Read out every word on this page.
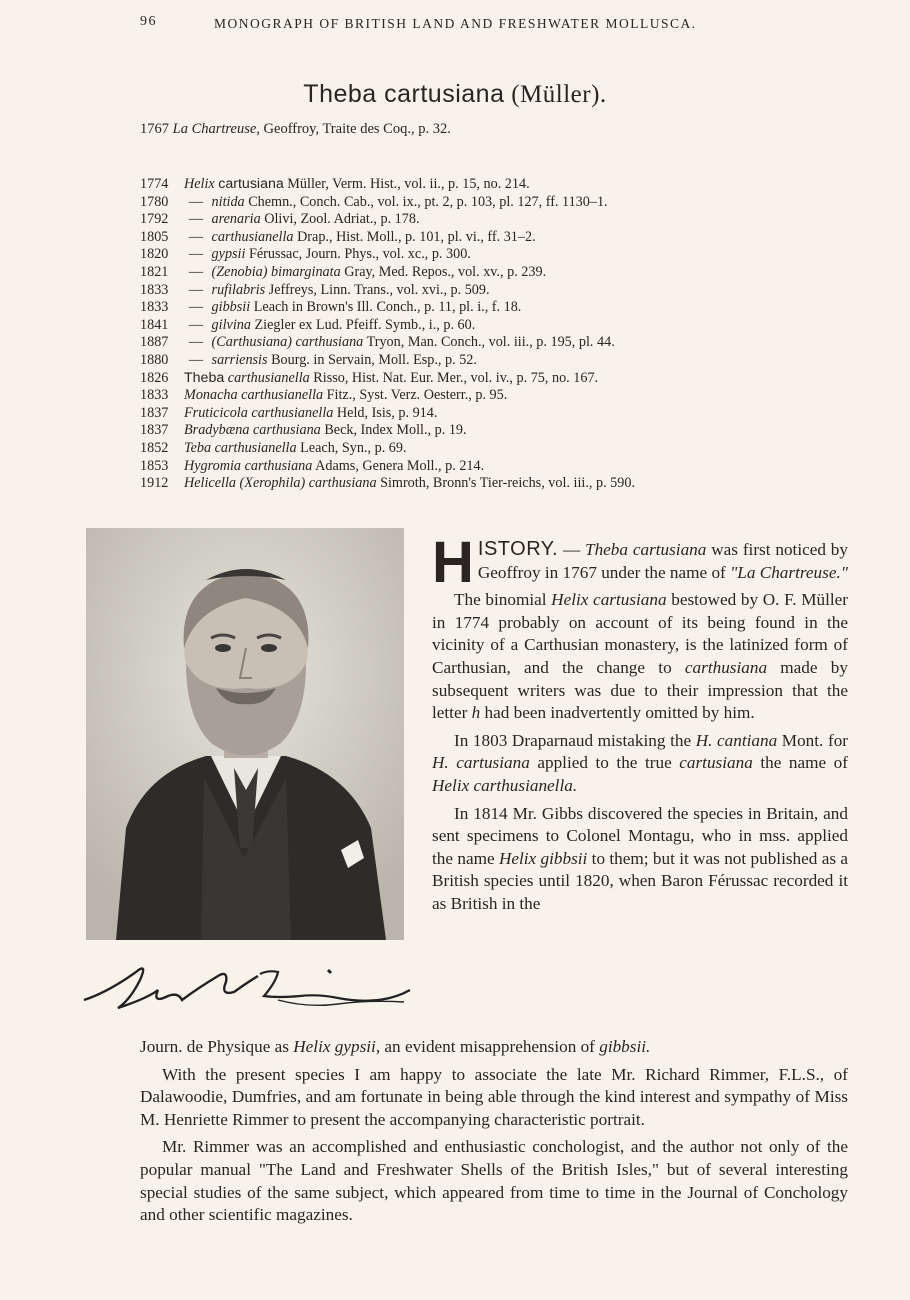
96	MONOGRAPH OF BRITISH LAND AND FRESHWATER MOLLUSCA.
Theba cartusiana (Müller).
1767 La Chartreuse, Geoffroy, Traite des Coq., p. 32.
1774 Helix cartusiana Müller, Verm. Hist., vol. ii., p. 15, no. 214.
1780 — nitida Chemn., Conch. Cab., vol. ix., pt. 2, p. 103, pl. 127, ff. 1130–1.
1792 — arenaria Olivi, Zool. Adriat., p. 178.
1805 — carthusianella Drap., Hist. Moll., p. 101, pl. vi., ff. 31–2.
1820 — gypsii Férussac, Journ. Phys., vol. xc., p. 300.
1821 — (Zenobia) bimarginata Gray, Med. Repos., vol. xv., p. 239.
1833 — rufilabris Jeffreys, Linn. Trans., vol. xvi., p. 509.
1833 — gibbsii Leach in Brown's Ill. Conch., p. 11, pl. i., f. 18.
1841 — gilvina Ziegler ex Lud. Pfeiff. Symb., i., p. 60.
1887 — (Carthusiana) carthusiana Tryon, Man. Conch., vol. iii., p. 195, pl. 44.
1880 — sarriensis Bourg. in Servain, Moll. Esp., p. 52.
1826 Theba carthusianella Risso, Hist. Nat. Eur. Mer., vol. iv., p. 75, no. 167.
1833 Monacha carthusianella Fitz., Syst. Verz. Oesterr., p. 95.
1837 Fruticicola carthusianella Held, Isis, p. 914.
1837 Bradybæna carthusiana Beck, Index Moll., p. 19.
1852 Teba carthusianella Leach, Syn., p. 69.
1853 Hygromia carthusiana Adams, Genera Moll., p. 214.
1912 Helicella (Xerophila) carthusiana Simroth, Bronn's Tier-reichs, vol. iii., p. 590.

HISTORY. — Theba cartusiana was first noticed by Geoffroy in 1767 under the name of "La Chartreuse."

The binomial Helix cartusiana bestowed by O. F. Müller in 1774 probably on account of its being found in the vicinity of a Carthusian monastery, is the latinized form of Carthusian, and the change to carthusiana made by subsequent writers was due to their impression that the letter h had been inadvertently omitted by him.

In 1803 Draparnaud mistaking the H. cantiana Mont. for H. cartusiana applied to the true cartusiana the name of Helix carthusianella.

In 1814 Mr. Gibbs discovered the species in Britain, and sent specimens to Colonel Montagu, who in mss. applied the name Helix gibbsii to them; but it was not published as a British species until 1820, when Baron Férussac recorded it as British in the

Journ. de Physique as Helix gypsii, an evident misapprehension of gibbsii.

With the present species I am happy to associate the late Mr. Richard Rimmer, F.L.S., of Dalawoodie, Dumfries, and am fortunate in being able through the kind interest and sympathy of Miss M. Henriette Rimmer to present the accompanying characteristic portrait.

Mr. Rimmer was an accomplished and enthusiastic conchologist, and the author not only of the popular manual "The Land and Freshwater Shells of the British Isles," but of several interesting special studies of the same subject, which appeared from time to time in the Journal of Conchology and other scientific magazines.
